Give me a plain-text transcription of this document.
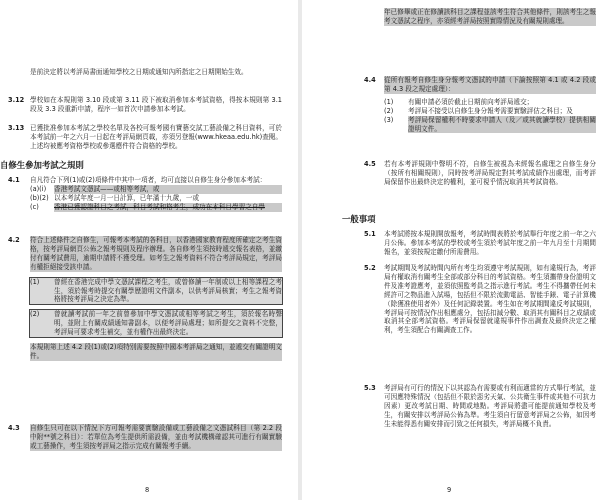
是前決定將以考評局書面通知學校之日期或通知內所指定之日期開始生效。

3.12 學校如在本規則第 3.10 段或第 3.11 段下被取消參加本考試資格，得按本規則第 3.1 段及 3.3 段重新申請，程序一如首次申請參加本考試。

3.13 已獲批准參加本考試之學校名單及各校可報考國有寶藝交試工藝設備之科目資料，可於本考試前一年之六月一日起在考評局網頁載，亦須另登報(www.hkeaa.edu.hk)查閱。上述均被應考資格學校或參選應件符合資格的學校。

自修生參加考試之規則
4.1 自凡符合下列(1)或(2)項條件中其中一項者，均可直接以自修生身分參加本考試：

(a)(i)	香港考試文憑試——或相等考試，或
(b)(2) 以本考試年度一月一日計算，已年滿十九歲，一或
(c)	香港已獲認證科目之考試，科目考試和格考生，成功在本科目學習之自學
4.2 符合上述條件之自修生，可報考本考試的各科目，以香港國家教育程度所確定之考生資格，按考評局網頁公佈之報考規則及程序辦理。各自修考生須按時遞交報名表格，並繳付有關考試費用，逾期申請將不獲受理。如考生之報考資料不符合考評局規定，考評局有權拒絕接受該申請。

(1)	曾經在香港完成中學文憑試課程之考生，或曾修讀一年制或以上相等課程之考生，須於報考時提交有關學歷證明文件副本，以供考評局核實；考生之報考資格將按考評局之決定為準。
(2)	曾就讀考試前一年之前曾參加中學文憑試或相等考試之考生，須於報名時聲明，並附上有關成績通知書副本，以便考評局處理；如所提交之資料不完整，考評局可要求考生補交，並有權作出最終決定。

本規則第上述 4.2 段(1)或(2)項特別需要按照中國本考評局之通知，並遞交有關證明文件。

4.3 自修生只可在以下情況下方可報考需要實驗設備或工藝設備之文憑試科目（第 2.2 段中附**號之科目）：若單位為考生提供所需設備，並由考試機構確認其可進行有關實驗或工藝操作，考生須按考評局之指示完成有關報考手續。

8

年已修畢或正在修讀該科目之課程並該考生符合其他條件，則該考生之報考文憑試之程序，亦須經考評局按照實際情況及有關規則處理。

4.4 從所有報考自修生身分報考文憑試的申請（下論按照第 4.1 或 4.2 段或第 4.3 段之規定處理）：

(1)	有關申請必須於截止日期前向考評局遞交；
(2)	考評局不接受以自修生身分報考需要實驗評估之科目；及
(3)	考評局保留權利不時要求申請人（及／或其就讀學校）提供相關證明文件。
4.5 若有本考評規則中聲明不符，自修生被視為未經報名處理之自修生身分（按所有相關規則），同時按考評局規定對其考試成績作出處理，而考評局保留作出最終決定的權利，並可視乎情況取消其考試資格。

一般事項
5.1 本考試將按本規則開放報考，考試時間表將於考試舉行年度之前一年之六月公佈。參加本考試的學校或考生須於考試年度之前一年九月至十月期間報名，並須按規定繳付所需費用。

5.2 考試期間及考試時間內所有考生均須遵守考試規則，如有違規行為，考評局有權取消有關考生全部或部分科目的考試資格。考生須攜帶身份證明文件及准考證應考，並須依照監考員之指示進行考試。考生不得攜帶任何未經許可之物品進入試場，包括但不限於流動電話、智能手錶、電子計算機（除獲准使用者外）及任何記錄裝置。考生如在考試期間違反考試規則，考評局可按情況作出相應處分，包括扣減分數、取消其有關科目之成績或取消其全部考試資格。考評局保留就違規事件作出調查及最終決定之權利，考生須配合有關調查工作。

5.3 考評局有可行的情況下以其認為有需要或有利而適當的方式舉行考試，並可因應特殊情況（包括但不限於惡劣天氣、公共衛生事件或其他不可抗力因素）更改考試日期、時間或地點。考評局將盡可能提前通知學校及考生，有關安排以考評局公佈為準。考生須自行留意考評局之公佈，如因考生未能得悉有關安排而引致之任何損失，考評局概不負責。

9
